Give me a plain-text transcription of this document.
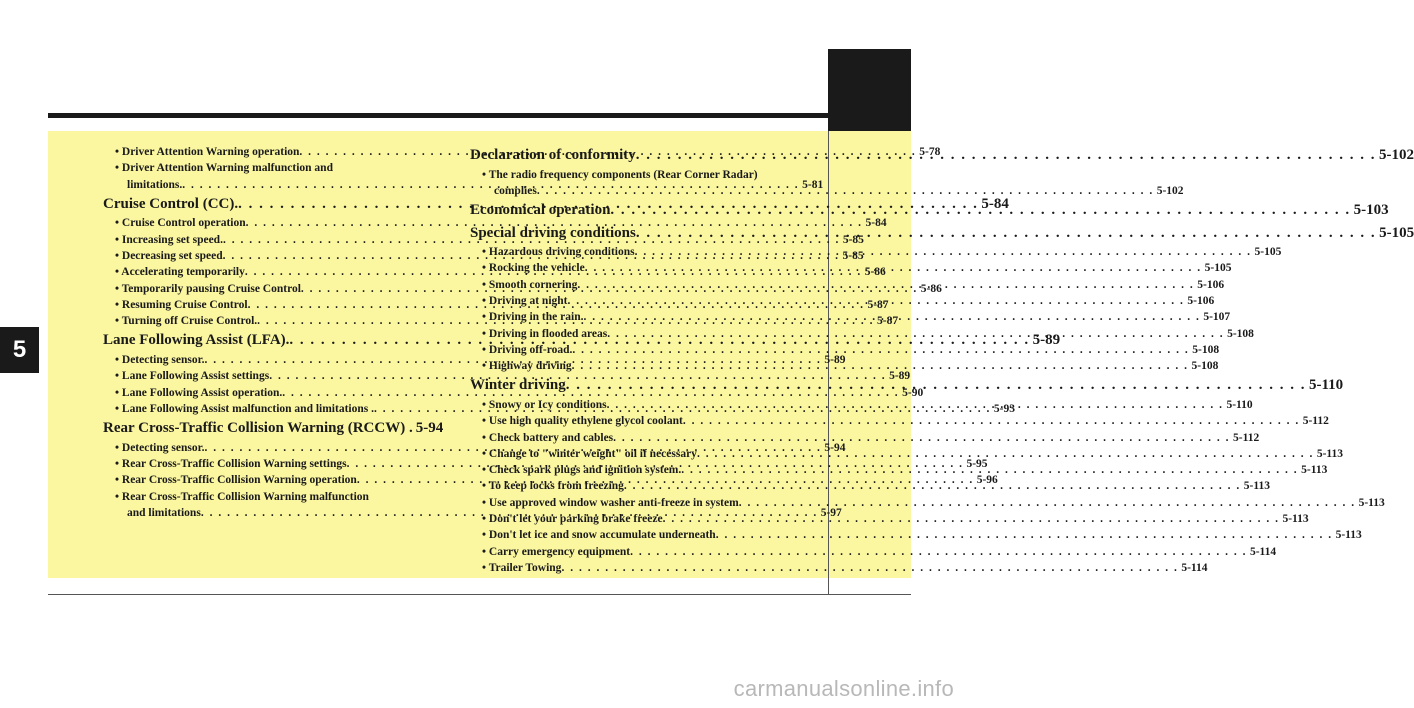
5
• Driver Attention Warning operation . . .	5-78
• Driver Attention Warning malfunction and
limitations. . . .	5-81
Cruise Control (CC). . . .	5-84
• Cruise Control operation . . .	5-84
• Increasing set speed. . . .	5-85
• Decreasing set speed . . .	5-85
• Accelerating temporarily . . .	5-86
• Temporarily pausing Cruise Control . . .	5-86
• Resuming Cruise Control . . .	5-87
• Turning off Cruise Control. . . .	5-87
Lane Following Assist (LFA). . . .	5-89
• Detecting sensor. . . .	5-89
• Lane Following Assist settings . . .	5-89
• Lane Following Assist operation. . . .	5-90
• Lane Following Assist malfunction and limitations . . . .	5-93
Rear Cross-Traffic Collision Warning (RCCW) . 5-94
• Detecting sensor. . . .	5-94
• Rear Cross-Traffic Collision Warning settings . . .	5-95
• Rear Cross-Traffic Collision Warning operation . . .	5-96
• Rear Cross-Traffic Collision Warning malfunction
and limitations . . .	5-97
Declaration of conformity . . .	5-102
• The radio frequency components (Rear Corner Radar)
complies . . .	5-102
Economical operation . . .	5-103
Special driving conditions . . .	5-105
• Hazardous driving conditions . . .	5-105
• Rocking the vehicle . . .	5-105
• Smooth cornering . . .	5-106
• Driving at night . . .	5-106
• Driving in the rain. . . .	5-107
• Driving in flooded areas . . .	5-108
• Driving off-road. . . .	5-108
• Highway driving . . .	5-108
Winter driving . . .	5-110
• Snowy or Icy conditions . . .	5-110
• Use high quality ethylene glycol coolant . . .	5-112
• Check battery and cables . . .	5-112
• Change to "winter weight" oil if necessary . . .	5-113
• Check spark plugs and ignition system. . . .	5-113
• To keep locks from freezing . . .	5-113
• Use approved window washer anti-freeze in system . . .	5-113
• Don't let your parking brake freeze . . .	5-113
• Don't let ice and snow accumulate underneath . . .	5-113
• Carry emergency equipment . . .	5-114
• Trailer Towing . . .	5-114
carmanualsonline.info
